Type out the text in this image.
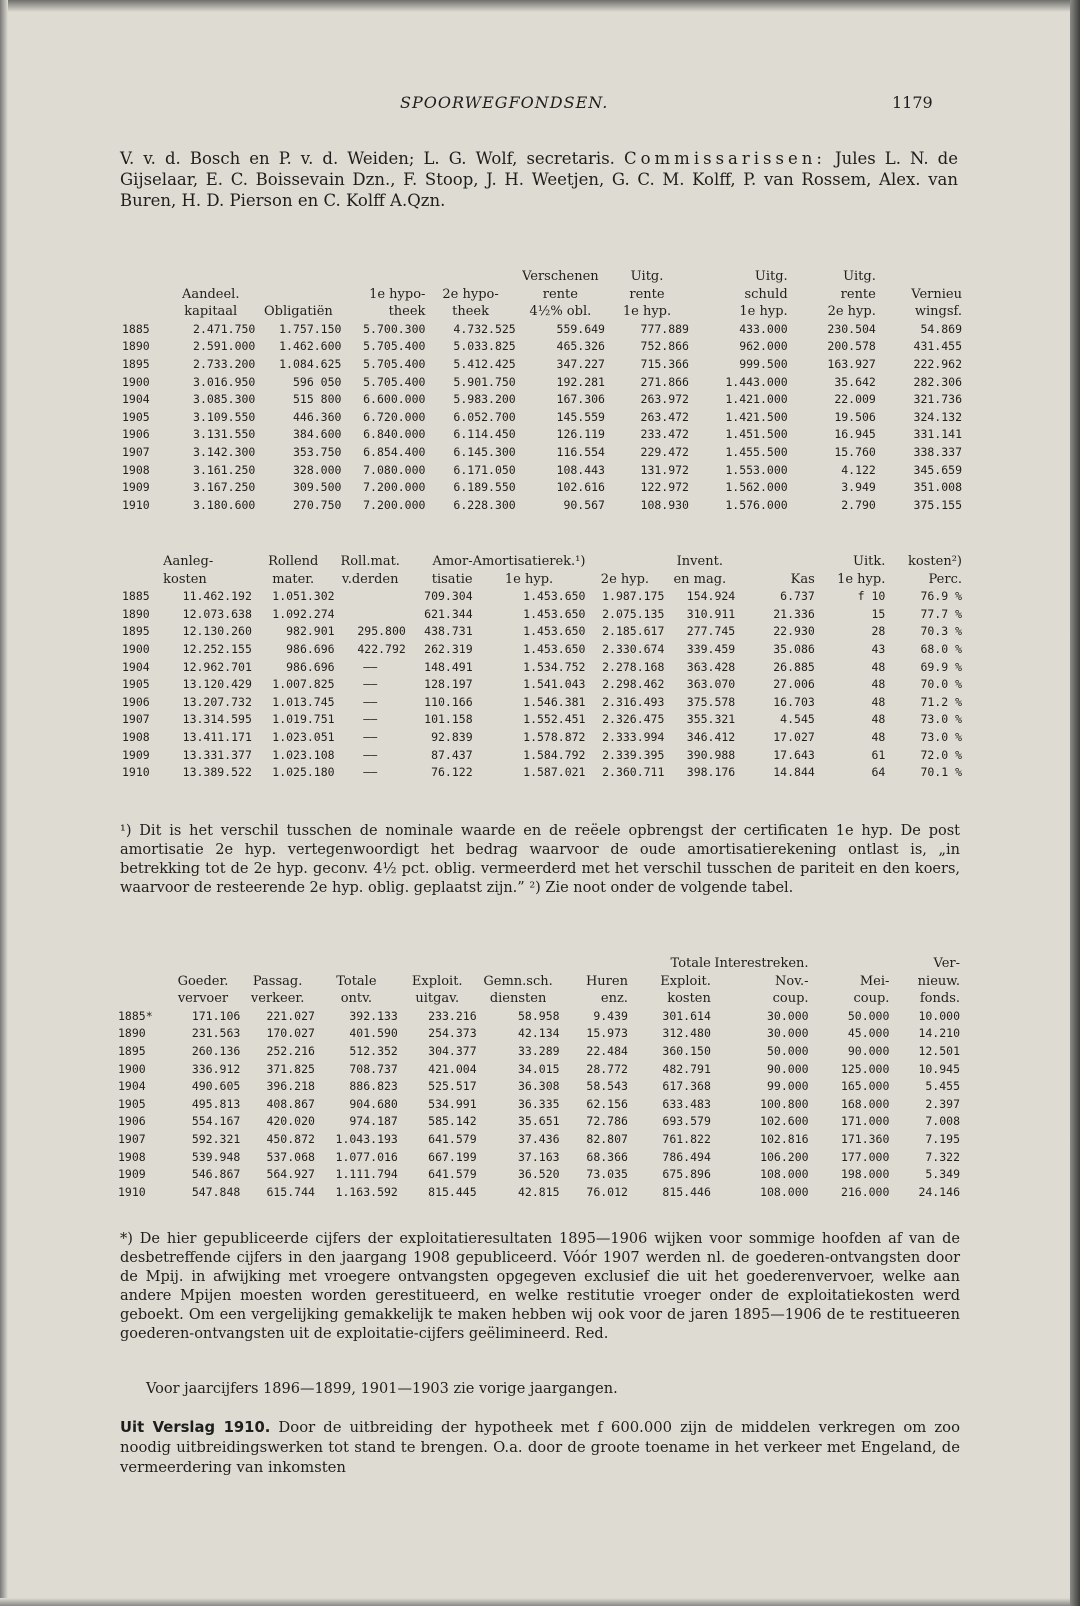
SPOORWEGFONDSEN.	1179
V. v. d. Bosch en P. v. d. Weiden; L. G. Wolf, secretaris. Commissarissen: Jules L. N. de Gijselaar, E. C. Boissevain Dzn., F. Stoop, J. H. Weetjen, G. C. M. Kolff, P. van Rossem, Alex. van Buren, H. D. Pierson en C. Kolff A.Qzn.
					Verschenen	Uitg.	Uitg.	Uitg.	
	Aandeel.		1e hypo-	2e hypo-	rente	rente	schuld	rente	Vernieu
	kapitaal	Obligatiën	theek	theek	4½% obl.	1e hyp.	1e hyp.	2e hyp.	wingsf.
1885	2.471.750	1.757.150	5.700.300	4.732.525	559.649	777.889	433.000	230.504	54.869
1890	2.591.000	1.462.600	5.705.400	5.033.825	465.326	752.866	962.000	200.578	431.455
1895	2.733.200	1.084.625	5.705.400	5.412.425	347.227	715.366	999.500	163.927	222.962
1900	3.016.950	596 050	5.705.400	5.901.750	192.281	271.866	1.443.000	35.642	282.306
1904	3.085.300	515 800	6.600.000	5.983.200	167.306	263.972	1.421.000	22.009	321.736
1905	3.109.550	446.360	6.720.000	6.052.700	145.559	263.472	1.421.500	19.506	324.132
1906	3.131.550	384.600	6.840.000	6.114.450	126.119	233.472	1.451.500	16.945	331.141
1907	3.142.300	353.750	6.854.400	6.145.300	116.554	229.472	1.455.500	15.760	338.337
1908	3.161.250	328.000	7.080.000	6.171.050	108.443	131.972	1.553.000	4.122	345.659
1909	3.167.250	309.500	7.200.000	6.189.550	102.616	122.972	1.562.000	3.949	351.008
1910	3.180.600	270.750	7.200.000	6.228.300	90.567	108.930	1.576.000	2.790	375.155
	Aanleg-	Rollend	Roll.mat.	Amor-	Amortisatierek.¹)		Invent.		Uitk.	kosten²)
	kosten	mater.	v.derden	tisatie	1e hyp.	2e hyp.	en mag.	Kas	1e hyp.	Perc.
1885	11.462.192	1.051.302		709.304	1.453.650	1.987.175	154.924	6.737	f 10	76.9 %
1890	12.073.638	1.092.274		621.344	1.453.650	2.075.135	310.911	21.336	15	77.7 %
1895	12.130.260	982.901	295.800	438.731	1.453.650	2.185.617	277.745	22.930	28	70.3 %
1900	12.252.155	986.696	422.792	262.319	1.453.650	2.330.674	339.459	35.086	43	68.0 %
1904	12.962.701	986.696	——	148.491	1.534.752	2.278.168	363.428	26.885	48	69.9 %
1905	13.120.429	1.007.825	——	128.197	1.541.043	2.298.462	363.070	27.006	48	70.0 %
1906	13.207.732	1.013.745	——	110.166	1.546.381	2.316.493	375.578	16.703	48	71.2 %
1907	13.314.595	1.019.751	——	101.158	1.552.451	2.326.475	355.321	4.545	48	73.0 %
1908	13.411.171	1.023.051	——	92.839	1.578.872	2.333.994	346.412	17.027	48	73.0 %
1909	13.331.377	1.023.108	——	87.437	1.584.792	2.339.395	390.988	17.643	61	72.0 %
1910	13.389.522	1.025.180	——	76.122	1.587.021	2.360.711	398.176	14.844	64	70.1 %
¹) Dit is het verschil tusschen de nominale waarde en de reëele opbrengst der certificaten 1e hyp. De post amortisatie 2e hyp. vertegenwoordigt het bedrag waarvoor de oude amortisatierekening ontlast is, „in betrekking tot de 2e hyp. geconv. 4½ pct. oblig. vermeerderd met het verschil tusschen de pariteit en den koers, waarvoor de resteerende 2e hyp. oblig. geplaatst zijn.” ²) Zie noot onder de volgende tabel.
							Totale	Interestreken.		Ver-
	Goeder.	Passag.	Totale	Exploit.	Gemn.sch.	Huren	Exploit.	Nov.-	Mei-	nieuw.
	vervoer	verkeer.	ontv.	uitgav.	diensten	enz.	kosten	coup.	coup.	fonds.
1885*	171.106	221.027	392.133	233.216	58.958	9.439	301.614	30.000	50.000	10.000
1890	231.563	170.027	401.590	254.373	42.134	15.973	312.480	30.000	45.000	14.210
1895	260.136	252.216	512.352	304.377	33.289	22.484	360.150	50.000	90.000	12.501
1900	336.912	371.825	708.737	421.004	34.015	28.772	482.791	90.000	125.000	10.945
1904	490.605	396.218	886.823	525.517	36.308	58.543	617.368	99.000	165.000	5.455
1905	495.813	408.867	904.680	534.991	36.335	62.156	633.483	100.800	168.000	2.397
1906	554.167	420.020	974.187	585.142	35.651	72.786	693.579	102.600	171.000	7.008
1907	592.321	450.872	1.043.193	641.579	37.436	82.807	761.822	102.816	171.360	7.195
1908	539.948	537.068	1.077.016	667.199	37.163	68.366	786.494	106.200	177.000	7.322
1909	546.867	564.927	1.111.794	641.579	36.520	73.035	675.896	108.000	198.000	5.349
1910	547.848	615.744	1.163.592	815.445	42.815	76.012	815.446	108.000	216.000	24.146
*) De hier gepubliceerde cijfers der exploitatieresultaten 1895—1906 wijken voor sommige hoofden af van de desbetreffende cijfers in den jaargang 1908 gepubliceerd. Vóór 1907 werden nl. de goederen-ontvangsten door de Mpij. in afwijking met vroegere ontvangsten opgegeven exclusief die uit het goederenvervoer, welke aan andere Mpijen moesten worden gerestitueerd, en welke restitutie vroeger onder de exploitatiekosten werd geboekt. Om een vergelijking gemakkelijk te maken hebben wij ook voor de jaren 1895—1906 de te restitueeren goederen-ontvangsten uit de exploitatie-cijfers geëlimineerd. Red.
Voor jaarcijfers 1896—1899, 1901—1903 zie vorige jaargangen.
Uit Verslag 1910. Door de uitbreiding der hypotheek met f 600.000 zijn de middelen verkregen om zoo noodig uitbreidingswerken tot stand te brengen. O.a. door de groote toename in het verkeer met Engeland, de vermeerdering van inkomsten
